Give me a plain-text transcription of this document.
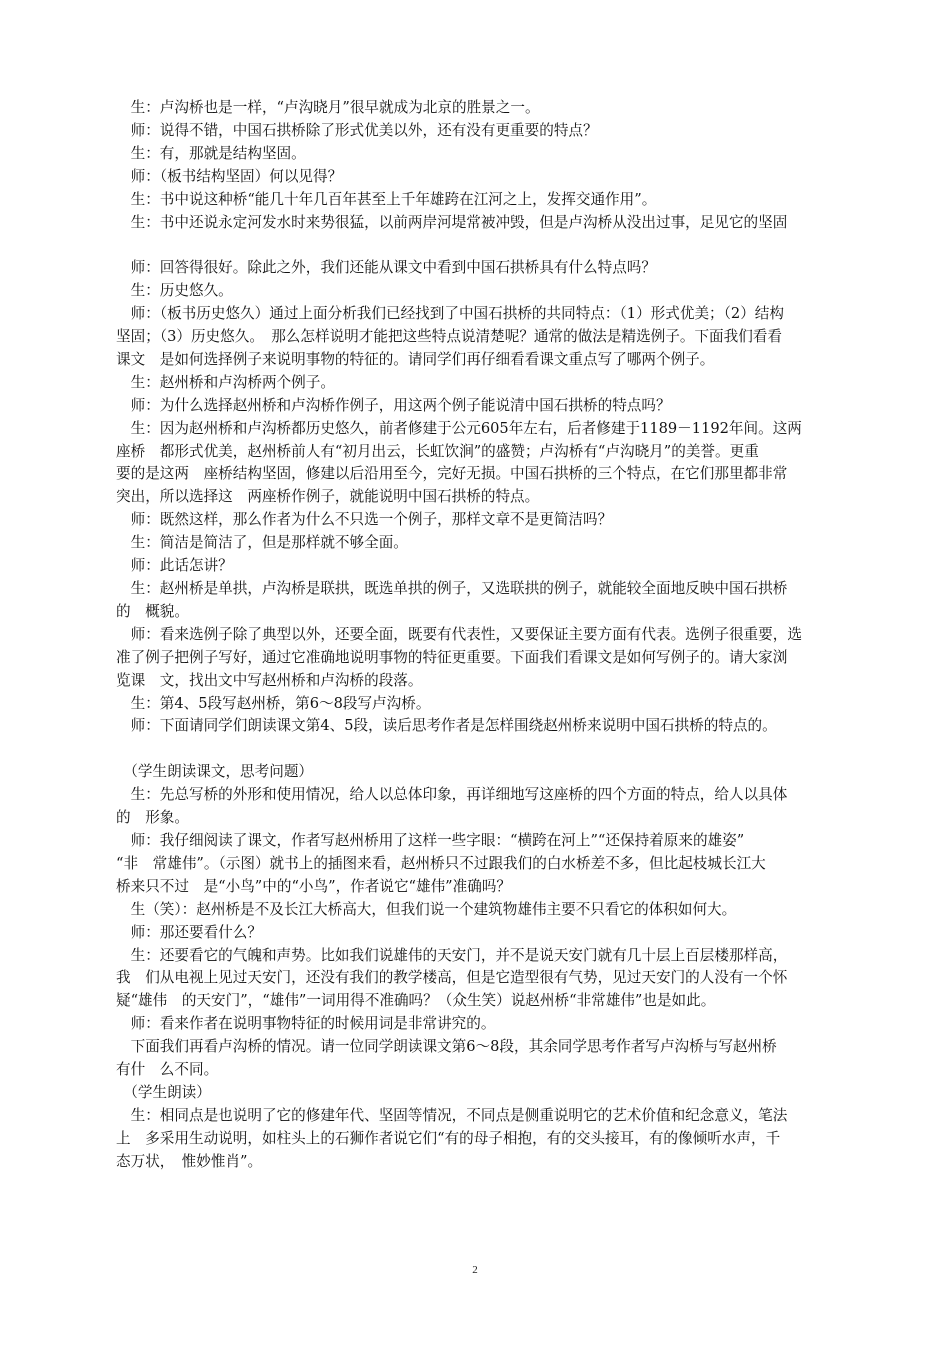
　生：卢沟桥也是一样，“卢沟晓月”很早就成为北京的胜景之一。

　师：说得不错，中国石拱桥除了形式优美以外，还有没有更重要的特点？

　生：有，那就是结构坚固。

　师：（板书结构坚固）何以见得？

　生：书中说这种桥“能几十年几百年甚至上千年雄跨在江河之上，发挥交通作用”。

　生：书中还说永定河发水时来势很猛，以前两岸河堤常被冲毁，但是卢沟桥从没出过事，足见它的坚固

　师：回答得很好。除此之外，我们还能从课文中看到中国石拱桥具有什么特点吗？

　生：历史悠久。

　师：（板书历史悠久）通过上面分析我们已经找到了中国石拱桥的共同特点：（1）形式优美；（2）结构

坚固；（3）历史悠久。　那么怎样说明才能把这些特点说清楚呢？通常的做法是精选例子。下面我们看看

课文　是如何选择例子来说明事物的特征的。请同学们再仔细看看课文重点写了哪两个例子。

　生：赵州桥和卢沟桥两个例子。

　师：为什么选择赵州桥和卢沟桥作例子，用这两个例子能说清中国石拱桥的特点吗？

　生：因为赵州桥和卢沟桥都历史悠久，前者修建于公元605年左右，后者修建于1189－1192年间。这两

座桥　都形式优美，赵州桥前人有“初月出云，长虹饮涧”的盛赞；卢沟桥有“卢沟晓月”的美誉。更重

要的是这两　座桥结构坚固，修建以后沿用至今，完好无损。中国石拱桥的三个特点，在它们那里都非常

突出，所以选择这　两座桥作例子，就能说明中国石拱桥的特点。

　师：既然这样，那么作者为什么不只选一个例子，那样文章不是更简洁吗？

　生：简洁是简洁了，但是那样就不够全面。

　师：此话怎讲？

　生：赵州桥是单拱，卢沟桥是联拱，既选单拱的例子，又选联拱的例子，就能较全面地反映中国石拱桥

的　概貌。

　师：看来选例子除了典型以外，还要全面，既要有代表性，又要保证主要方面有代表。选例子很重要，选

准了例子把例子写好，通过它准确地说明事物的特征更重要。下面我们看课文是如何写例子的。请大家浏

览课　文，找出文中写赵州桥和卢沟桥的段落。

　生：第4、5段写赵州桥，第6～8段写卢沟桥。

　师：下面请同学们朗读课文第4、5段，读后思考作者是怎样围绕赵州桥来说明中国石拱桥的特点的。

　（学生朗读课文，思考问题）

　生：先总写桥的外形和使用情况，给人以总体印象，再详细地写这座桥的四个方面的特点，给人以具体

的　形象。

　师：我仔细阅读了课文，作者写赵州桥用了这样一些字眼：“横跨在河上”“还保持着原来的雄姿”

“非　常雄伟”。（示图）就书上的插图来看，赵州桥只不过跟我们的白水桥差不多，但比起枝城长江大

桥来只不过　是“小鸟”中的“小鸟”，作者说它“雄伟”准确吗？

　生（笑）：赵州桥是不及长江大桥高大，但我们说一个建筑物雄伟主要不只看它的体积如何大。

　师：那还要看什么？

　生：还要看它的气魄和声势。比如我们说雄伟的天安门，并不是说天安门就有几十层上百层楼那样高，

我　们从电视上见过天安门，还没有我们的教学楼高，但是它造型很有气势，见过天安门的人没有一个怀

疑“雄伟　的天安门”，“雄伟”一词用得不准确吗？（众生笑）说赵州桥“非常雄伟”也是如此。

　师：看来作者在说明事物特征的时候用词是非常讲究的。

　下面我们再看卢沟桥的情况。请一位同学朗读课文第6～8段，其余同学思考作者写卢沟桥与写赵州桥

有什　么不同。

　（学生朗读）

　生：相同点是也说明了它的修建年代、坚固等情况，不同点是侧重说明它的艺术价值和纪念意义，笔法

上　多采用生动说明，如柱头上的石狮作者说它们“有的母子相抱，有的交头接耳，有的像倾听水声，千

态万状，　惟妙惟肖”。

2
